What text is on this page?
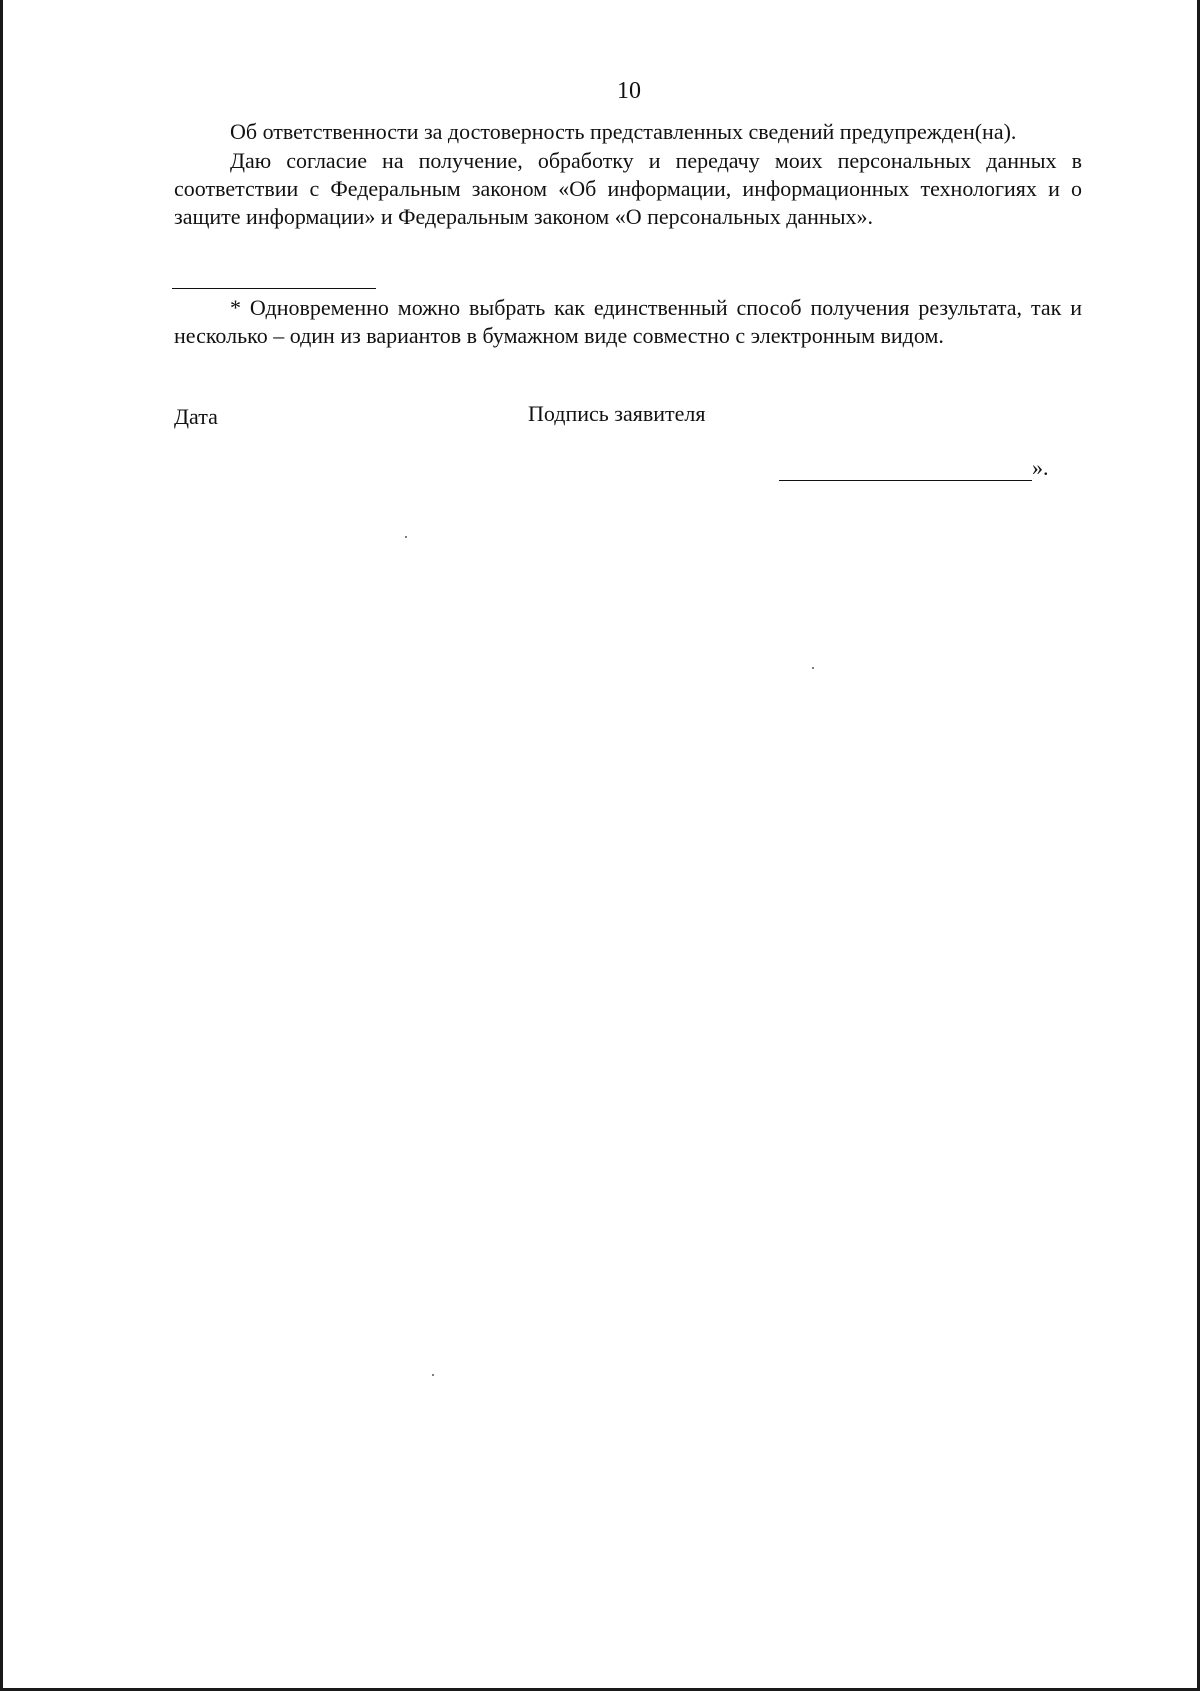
10

Об ответственности за достоверность представленных сведений предупрежден(на).

Даю согласие на получение, обработку и передачу моих персональных данных в соответствии с Федеральным законом «Об информации, информационных технологиях и о защите информации» и Федеральным законом «О персональных данных».

* Одновременно можно выбрать как единственный способ получения результата, так и несколько – один из вариантов в бумажном виде совместно с электронным видом.

Дата	Подпись заявителя
».
